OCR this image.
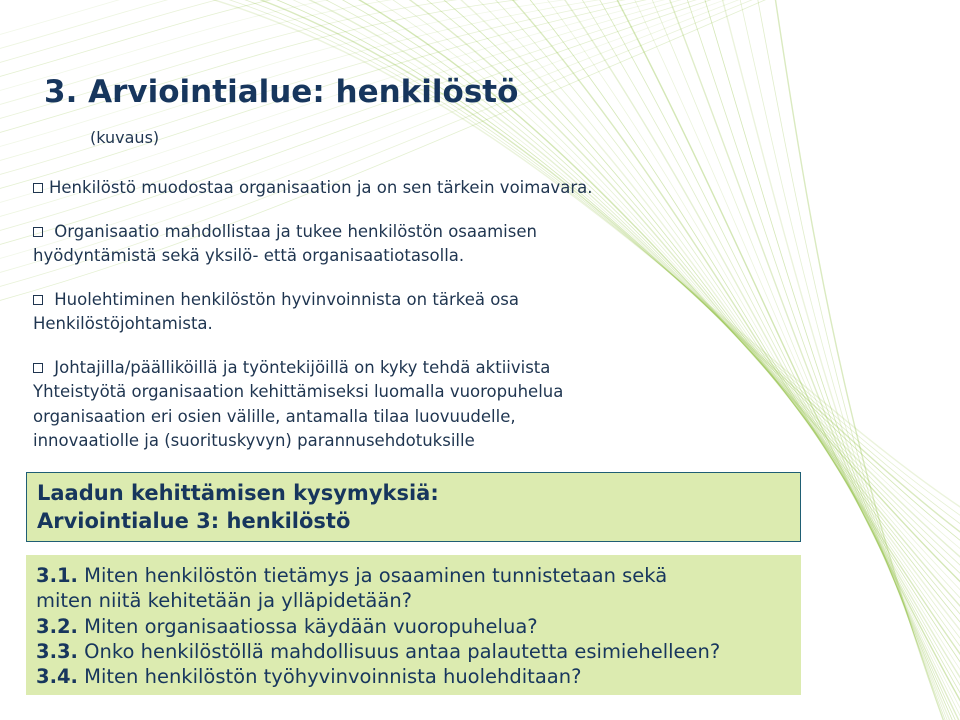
3. Arviointialue: henkilöstö
(kuvaus)
Henkilöstö muodostaa organisaation ja on sen tärkein voimavara.
Organisaatio mahdollistaa ja tukee henkilöstön osaamisen
hyödyntämistä sekä yksilö- että organisaatiotasolla.
Huolehtiminen henkilöstön hyvinvoinnista on tärkeä osa
Henkilöstöjohtamista.
Johtajilla/päälliköillä ja työntekijöillä on kyky tehdä aktiivista
Yhteistyötä organisaation kehittämiseksi luomalla vuoropuhelua
organisaation eri osien välille, antamalla tilaa luovuudelle,
innovaatiolle ja (suorituskyvyn) parannusehdotuksille
Laadun kehittämisen kysymyksiä:
Arviointialue 3: henkilöstö
3.1. Miten henkilöstön tietämys ja osaaminen tunnistetaan sekä
miten niitä kehitetään ja ylläpidetään?
3.2. Miten organisaatiossa käydään vuoropuhelua?
3.3. Onko henkilöstöllä mahdollisuus antaa palautetta esimiehelleen?
3.4. Miten henkilöstön työhyvinvoinnista huolehditaan?
